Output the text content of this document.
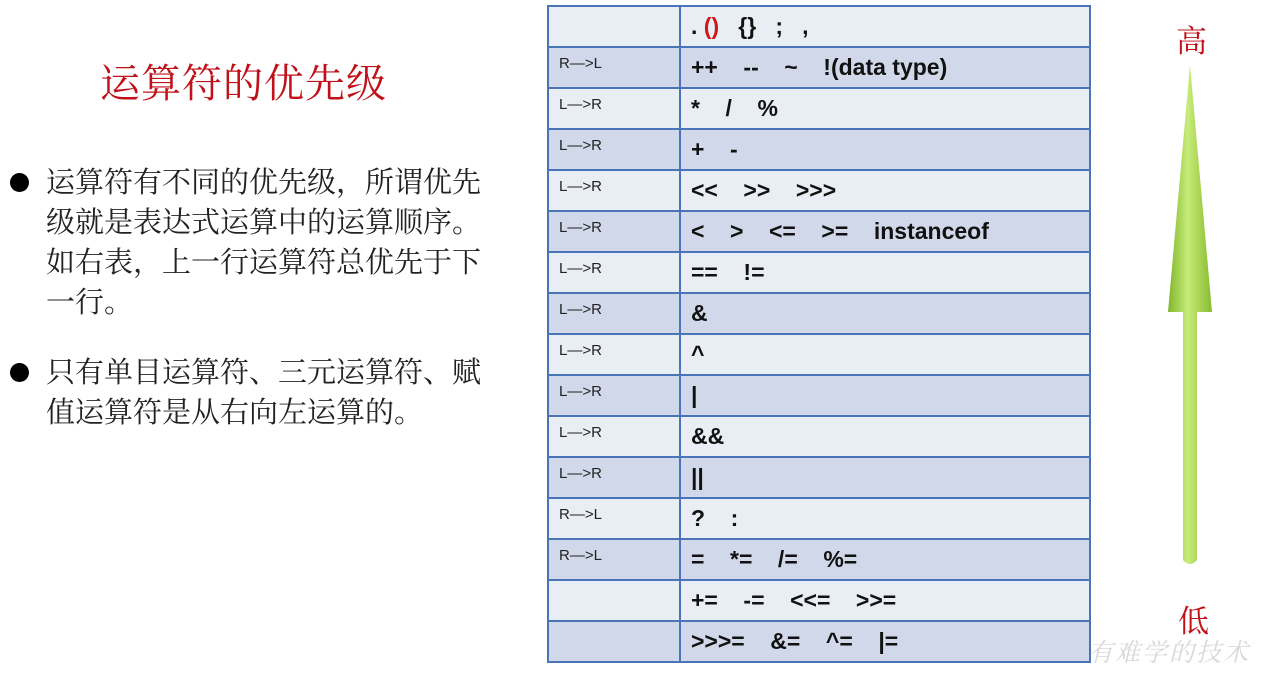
运算符的优先级
运算符有不同的优先级，所谓优先级就是表达式运算中的运算顺序。如右表，上一行运算符总优先于下一行。
只有单目运算符、三元运算符、赋值运算符是从右向左运算的。
	. ()   {}   ;   ,

R—>L	++    --    ~    !(data type)

L—>R	*    /    %

L—>R	+    -

L—>R	<<    >>    >>>

L—>R	<    >    <=    >=    instanceof

L—>R	==    !=

L—>R	&

L—>R	^

L—>R	|

L—>R	&&

L—>R	||

R—>L	?    :

R—>L	=    *=    /=    %=

	+=    -=    <<=    >>=

	>>>=    &=    ^=    |=
高
低
有难学的技术
